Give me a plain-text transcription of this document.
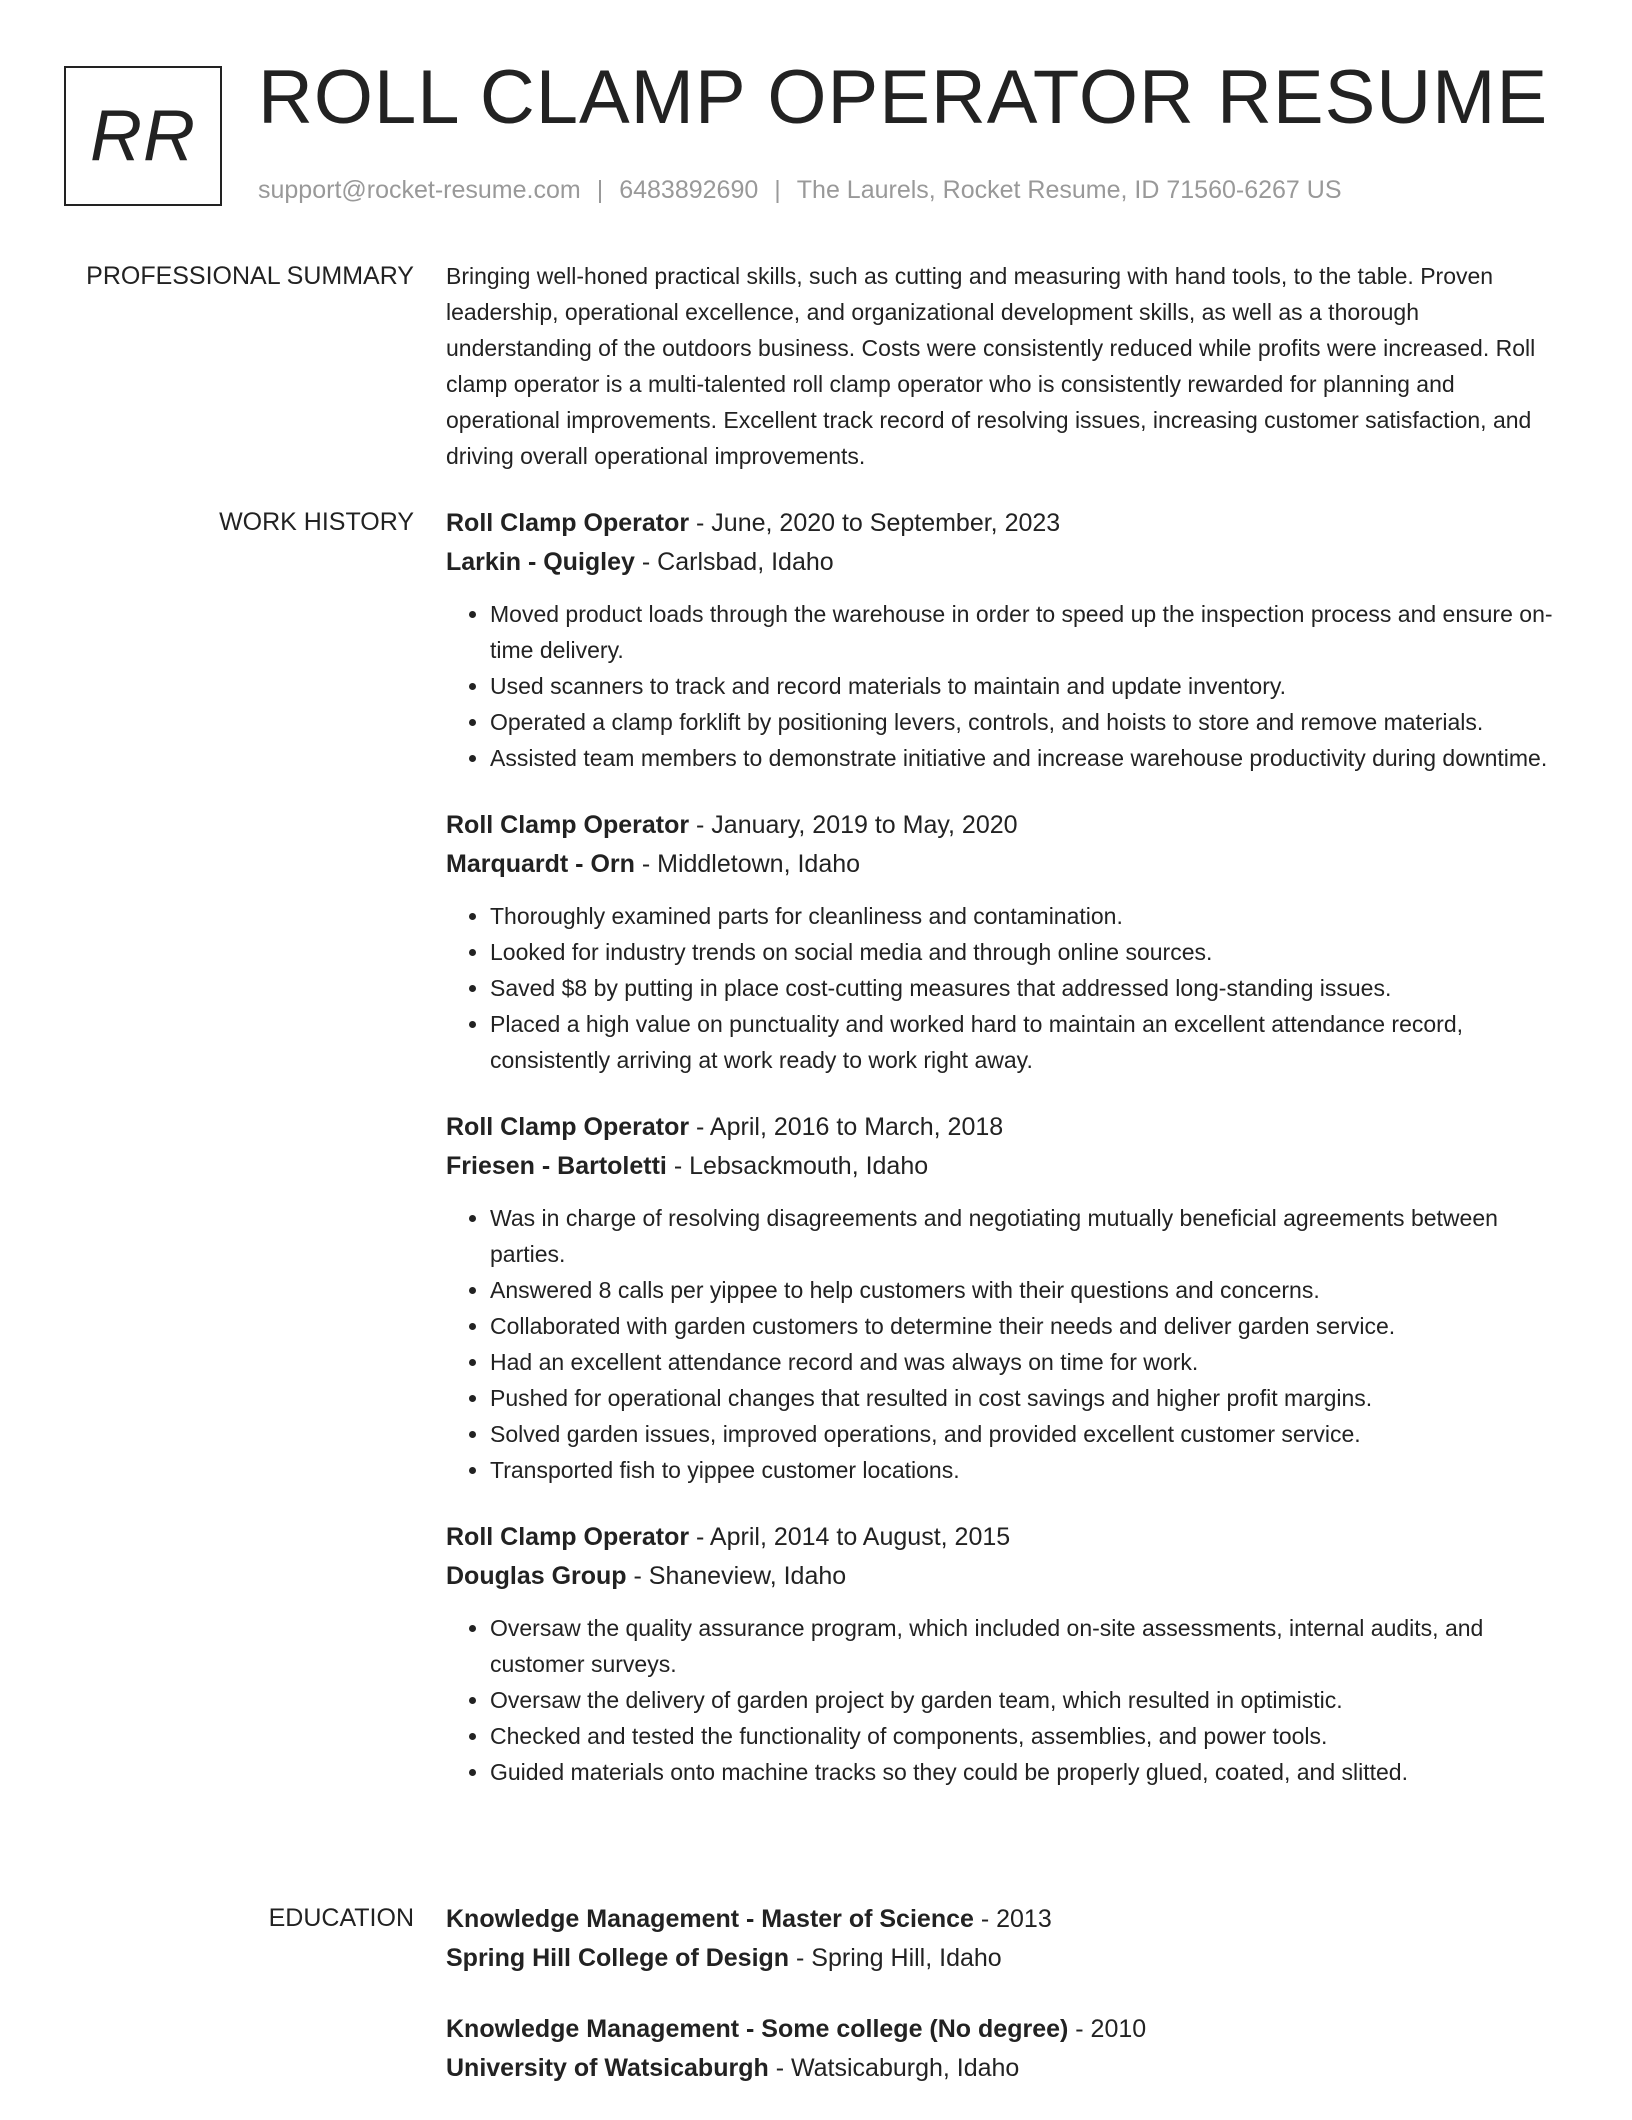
RR ROLL CLAMP OPERATOR RESUME
support@rocket-resume.com | 6483892690 | The Laurels, Rocket Resume, ID 71560-6267 US
PROFESSIONAL SUMMARY Bringing well-honed practical skills, such as cutting and measuring with hand tools, to the table. Proven leadership, operational excellence, and organizational development skills, as well as a thorough understanding of the outdoors business. Costs were consistently reduced while profits were increased. Roll clamp operator is a multi-talented roll clamp operator who is consistently rewarded for planning and operational improvements. Excellent track record of resolving issues, increasing customer satisfaction, and driving overall operational improvements.

WORK HISTORY Roll Clamp Operator - June, 2020 to September, 2023
Larkin - Quigley - Carlsbad, Idaho
• Moved product loads through the warehouse in order to speed up the inspection process and ensure on-time delivery.
• Used scanners to track and record materials to maintain and update inventory.
• Operated a clamp forklift by positioning levers, controls, and hoists to store and remove materials.
• Assisted team members to demonstrate initiative and increase warehouse productivity during downtime.
Roll Clamp Operator - January, 2019 to May, 2020
Marquardt - Orn - Middletown, Idaho
• Thoroughly examined parts for cleanliness and contamination.
• Looked for industry trends on social media and through online sources.
• Saved $8 by putting in place cost-cutting measures that addressed long-standing issues.
• Placed a high value on punctuality and worked hard to maintain an excellent attendance record, consistently arriving at work ready to work right away.
Roll Clamp Operator - April, 2016 to March, 2018
Friesen - Bartoletti - Lebsackmouth, Idaho
• Was in charge of resolving disagreements and negotiating mutually beneficial agreements between parties.
• Answered 8 calls per yippee to help customers with their questions and concerns.
• Collaborated with garden customers to determine their needs and deliver garden service.
• Had an excellent attendance record and was always on time for work.
• Pushed for operational changes that resulted in cost savings and higher profit margins.
• Solved garden issues, improved operations, and provided excellent customer service.
• Transported fish to yippee customer locations.
Roll Clamp Operator - April, 2014 to August, 2015
Douglas Group - Shaneview, Idaho
• Oversaw the quality assurance program, which included on-site assessments, internal audits, and customer surveys.
• Oversaw the delivery of garden project by garden team, which resulted in optimistic.
• Checked and tested the functionality of components, assemblies, and power tools.
• Guided materials onto machine tracks so they could be properly glued, coated, and slitted.
EDUCATION Knowledge Management - Master of Science - 2013
Spring Hill College of Design - Spring Hill, Idaho
Knowledge Management - Some college (No degree) - 2010
University of Watsicaburgh - Watsicaburgh, Idaho
